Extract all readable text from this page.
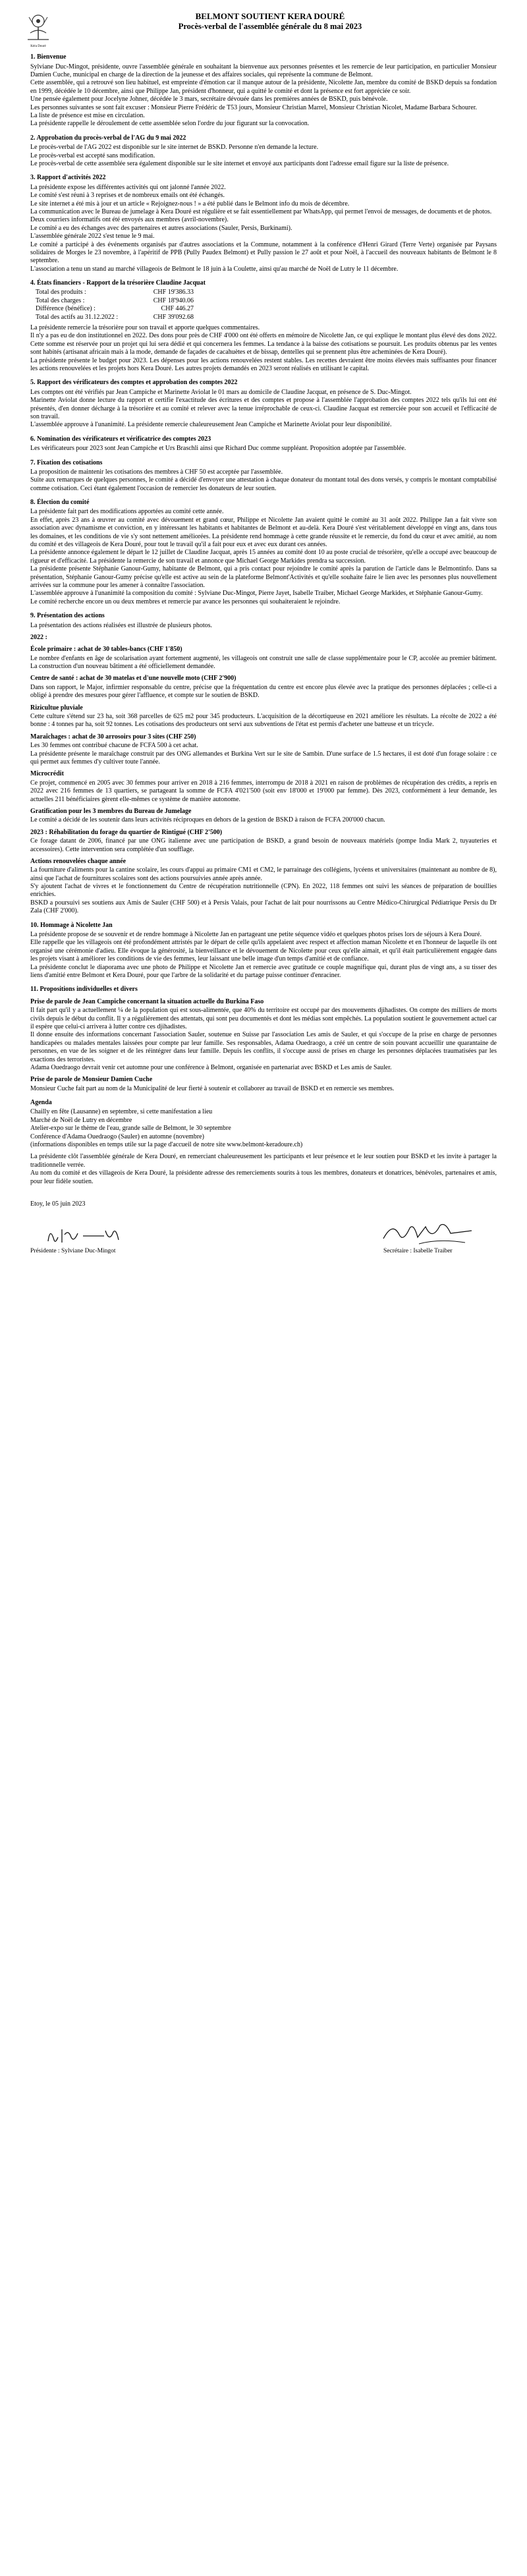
Kéra Douré
BELMONT SOUTIENT KERA DOURÉ
Procès-verbal de l'assemblée générale du 8 mai 2023
1. Bienvenue

Sylviane Duc-Mingot, présidente, ouvre l'assemblée générale en souhaitant la bienvenue aux personnes présentes et les remercie de leur participation, en particulier Monsieur Damien Cuche, municipal en charge de la direction de la jeunesse et des affaires sociales, qui représente la commune de Belmont.

Cette assemblée, qui a retrouvé son lieu habituel, est empreinte d'émotion car il manque autour de la présidente, Nicolette Jan, membre du comité de BSKD depuis sa fondation en 1999, décédée le 10 décembre, ainsi que Philippe Jan, président d'honneur, qui a quitté le comité et dont la présence est fort appréciée ce soir.

Une pensée également pour Jocelyne Johner, décédée le 3 mars, secrétaire dévouée dans les premières années de BSKD, puis bénévole.

Les personnes suivantes se sont fait excuser : Monsieur Pierre Frédéric de T53 jours, Monsieur Christian Marrel, Monsieur Christian Nicolet, Madame Barbara Schourer.

La liste de présence est mise en circulation.

La présidente rappelle le déroulement de cette assemblée selon l'ordre du jour figurant sur la convocation.

2. Approbation du procès-verbal de l'AG du 9 mai 2022

Le procès-verbal de l'AG 2022 est disponible sur le site internet de BSKD. Personne n'en demande la lecture.

Le procès-verbal est accepté sans modification.

Le procès-verbal de cette assemblée sera également disponible sur le site internet et envoyé aux participants dont l'adresse email figure sur la liste de présence.

3. Rapport d'activités 2022

La présidente expose les différentes activités qui ont jalonné l'année 2022.

Le comité s'est réuni à 3 reprises et de nombreux emails ont été échangés.

Le site internet a été mis à jour et un article « Rejoignez-nous ! » a été publié dans le Belmont info du mois de décembre.

La communication avec le Bureau de jumelage à Kera Douré est régulière et se fait essentiellement par WhatsApp, qui permet l'envoi de messages, de documents et de photos.

Deux courriers informatifs ont été envoyés aux membres (avril-novembre).

Le comité a eu des échanges avec des partenaires et autres associations (Sauler, Persis, Burkinami).

L'assemblée générale 2022 s'est tenue le 9 mai.

Le comité a participé à des événements organisés par d'autres associations et la Commune, notamment à la conférence d'Henri Girard (Terre Verte) organisée par Paysans solidaires de Morges le 23 novembre, à l'apéritif de PPB (Pully Paudex Belmont) et Pully passion le 27 août et pour Noël, à l'accueil des nouveaux habitants de Belmont le 8 septembre.

L'association a tenu un stand au marché villageois de Belmont le 18 juin à la Coulette, ainsi qu'au marché de Noël de Lutry le 11 décembre.

4. États financiers - Rapport de la trésorière Claudine Jacquat
Total des produits :	CHF 19'386.33
Total des charges :	CHF 18'940.06
Différence (bénéfice) :	CHF 446.27
Total des actifs au 31.12.2022 :	CHF 39'092.68

La présidente remercie la trésorière pour son travail et apporte quelques commentaires.

Il n'y a pas eu de don institutionnel en 2022. Des dons pour près de CHF 4'000 ont été offerts en mémoire de Nicolette Jan, ce qui explique le montant plus élevé des dons 2022. Cette somme est réservée pour un projet qui lui sera dédié et qui concernera les femmes. La tendance à la baisse des cotisations se poursuit. Les produits obtenus par les ventes sont habités (artisanat africain mais à la mode, demande de façades de cacahuètes et de bissap, dentelles qui se prennent plus être acheminées de Kera Douré).

La présidente présente le budget pour 2023. Les dépenses pour les actions renouvelées restent stables. Les recettes devraient être moins élevées mais suffisantes pour financer les actions renouvelées et les projets hors Kera Douré. Les autres projets demandés en 2023 seront réalisés en utilisant le capital.

5. Rapport des vérificateurs des comptes et approbation des comptes 2022

Les comptes ont été vérifiés par Jean Campiche et Marinette Aviolat le 01 mars au domicile de Claudine Jacquat, en présence de S. Duc-Mingot.

Marinette Aviolat donne lecture du rapport et certifie l'exactitude des écritures et des comptes et propose à l'assemblée l'approbation des comptes 2022 tels qu'ils lui ont été présentés, d'en donner décharge à la trésorière et au comité et relever avec la tenue irréprochable de ceux-ci. Claudine Jacquat est remerciée pour son accueil et l'efficacité de son travail.

L'assemblée approuve à l'unanimité. La présidente remercie chaleureusement Jean Campiche et Marinette Aviolat pour leur disponibilité.

6. Nomination des vérificateurs et vérificatrice des comptes 2023

Les vérificateurs pour 2023 sont Jean Campiche et Urs Braschli ainsi que Richard Duc comme suppléant. Proposition adoptée par l'assemblée.

7. Fixation des cotisations

La proposition de maintenir les cotisations des membres à CHF 50 est acceptée par l'assemblée.

Suite aux remarques de quelques personnes, le comité a décidé d'envoyer une attestation à chaque donateur du montant total des dons versés, y compris le montant comptabilisé comme cotisation. Ceci étant également l'occasion de remercier les donateurs de leur soutien.

8. Élection du comité

La présidente fait part des modifications apportées au comité cette année.

En effet, après 23 ans à œuvrer au comité avec dévouement et grand cœur, Philippe et Nicolette Jan avaient quitté le comité au 31 août 2022. Philippe Jan a fait vivre son association avec dynamisme et conviction, en y intéressant les habitants et habitantes de Belmont et au-delà. Kera Douré s'est véritablement développé en vingt ans, dans tous les domaines, et les conditions de vie s'y sont nettement améliorées. La présidente rend hommage à cette grande réussite et le remercie, du fond du cœur et avec amitié, au nom du comité et des villageois de Kera Douré, pour tout le travail qu'il a fait pour eux et avec eux durant ces années.

La présidente annonce également le départ le 12 juillet de Claudine Jacquat, après 15 années au comité dont 10 au poste crucial de trésorière, qu'elle a occupé avec beaucoup de rigueur et d'efficacité. La présidente la remercie de son travail et annonce que Michael George Markides prendra sa succession.

La présidente présente Stéphanie Ganour-Gumy, habitante de Belmont, qui a pris contact pour rejoindre le comité après la parution de l'article dans le Belmontinfo. Dans sa présentation, Stéphanie Ganour-Gumy précise qu'elle est active au sein de la plateforme Belmont'Activités et qu'elle souhaite faire le lien avec les personnes plus nouvellement arrivées sur la commune pour les amener à connaître l'association.

L'assemblée approuve à l'unanimité la composition du comité : Sylviane Duc-Mingot, Pierre Jayet, Isabelle Traiber, Michael George Markides, et Stéphanie Ganour-Gumy.

Le comité recherche encore un ou deux membres et remercie par avance les personnes qui souhaiteraient le rejoindre.

9. Présentation des actions

La présentation des actions réalisées est illustrée de plusieurs photos.

2022 :
École primaire : achat de 30 tables-bancs (CHF 1'850)

Le nombre d'enfants en âge de scolarisation ayant fortement augmenté, les villageois ont construit une salle de classe supplémentaire pour le CP, accolée au premier bâtiment. La construction d'un nouveau bâtiment a été officiellement demandée.

Centre de santé : achat de 30 matelas et d'une nouvelle moto (CHF 2'900)

Dans son rapport, le Major, infirmier responsable du centre, précise que la fréquentation du centre est encore plus élevée avec la pratique des personnes déplacées ; celle-ci a obligé à prendre des mesures pour gérer l'affluence, et compte sur le soutien de BSKD.

Rizicultue pluviale

Cette culture s'étend sur 23 ha, soit 368 parcelles de 625 m2 pour 345 producteurs. L'acquisition de la décortiqueuse en 2021 améliore les résultats. La récolte de 2022 a été bonne : 4 tonnes par ha, soit 92 tonnes. Les cotisations des producteurs ont servi aux subventions de l'état est permis d'acheter une batteuse et un tricycle.

Maraîchages : achat de 30 arrosoirs pour 3 sites (CHF 250)

Les 30 femmes ont contribué chacune de FCFA 500 à cet achat.

La présidente présente le maraîchage construit par des ONG allemandes et Burkina Vert sur le site de Sambin. D'une surface de 1.5 hectares, il est doté d'un forage solaire : ce qui permet aux femmes d'y cultiver toute l'année.

Microcrédit

Ce projet, commencé en 2005 avec 30 femmes pour arriver en 2018 à 216 femmes, interrompu de 2018 à 2021 en raison de problèmes de récupération des crédits, a repris en 2022 avec 216 femmes de 13 quartiers, se partageant la somme de FCFA 4'021'500 (soit env 18'000 et 19'000 par femme). Dès 2023, conformément à leur demande, les actuelles 211 bénéficiaires gèrent elle-mêmes ce système de manière autonome.

Gratification pour les 3 membres du Bureau de Jumelage

Le comité a décidé de les soutenir dans leurs activités réciproques en dehors de la gestion de BSKD à raison de FCFA 200'000 chacun.

2023 : Réhabilitation du forage du quartier de Rintigué (CHF 2'500)

Ce forage datant de 2006, financé par une ONG italienne avec une participation de BSKD, a grand besoin de nouveaux matériels (pompe India Mark 2, tuyauteries et accessoires). Cette intervention sera complétée d'un soufflage.

Actions renouvelées chaque année

La fourniture d'aliments pour la cantine scolaire, les cours d'appui au primaire CM1 et CM2, le parrainage des collégiens, lycéens et universitaires (maintenant au nombre de 8), ainsi que l'achat de fournitures scolaires sont des actions poursuivies année après année.

S'y ajoutent l'achat de vivres et le fonctionnement du Centre de récupération nutritionnelle (CPN). En 2022, 118 femmes ont suivi les séances de préparation de bouillies enrichies.

BSKD a poursuivi ses soutiens aux Amis de Sauler (CHF 500) et à Persis Valais, pour l'achat de lait pour nourrissons au Centre Médico-Chirurgical Pédiatrique Persis du Dr Zala (CHF 2'000).

10. Hommage à Nicolette Jan

La présidente propose de se souvenir et de rendre hommage à Nicolette Jan en partageant une petite séquence vidéo et quelques photos prises lors de séjours à Kera Douré.

Elle rappelle que les villageois ont été profondément attristés par le départ de celle qu'ils appelaient avec respect et affection maman Nicolette et en l'honneur de laquelle ils ont organisé une cérémonie d'adieu. Elle évoque la générosité, la bienveillance et le dévouement de Nicolette pour ceux qu'elle aimait, et qu'il était particulièrement engagée dans les projets visant à améliorer les conditions de vie des femmes, leur laissant une belle image d'un temps d'amitié et de confiance.

La présidente conclut le diaporama avec une photo de Philippe et Nicolette Jan et remercie avec gratitude ce couple magnifique qui, durant plus de vingt ans, a su tisser des liens d'amitié entre Belmont et Kera Douré, pour que l'arbre de la solidarité et du partage puisse continuer d'enraciner.

11. Propositions individuelles et divers
Prise de parole de Jean Campiche concernant la situation actuelle du Burkina Faso

Il fait part qu'il y a actuellement ¼ de la population qui est sous-alimentée, que 40% du territoire est occupé par des mouvements djihadistes. On compte des milliers de morts civils depuis le début du conflit. Il y a régulièrement des attentats, qui sont peu documentés et dont les médias sont empêchés. La population soutient le gouvernement actuel car il espère que celui-ci arrivera à lutter contre ces djihadistes.

Il donne ensuite des informations concernant l'association Sauler, soutenue en Suisse par l'association Les amis de Sauler, et qui s'occupe de la prise en charge de personnes handicapées ou malades mentales laissées pour compte par leur famille. Ses responsables, Adama Ouedraogo, a créé un centre de soin pouvant accueillir une quarantaine de personnes, en vue de les soigner et de les réintégrer dans leur famille. Depuis les conflits, il s'occupe aussi de prises en charge les personnes déplacées traumatisées par les exactions des terroristes.

Adama Ouedraogo devrait venir cet automne pour une conférence à Belmont, organisée en partenariat avec BSKD et Les amis de Sauler.

Prise de parole de Monsieur Damien Cuche

Monsieur Cuche fait part au nom de la Municipalité de leur fierté à soutenir et collaborer au travail de BSKD et en remercie ses membres.

Agenda
Chailly en fête (Lausanne) en septembre, si cette manifestation a lieu
Marché de Noël de Lutry en décembre
Atelier-expo sur le thème de l'eau, grande salle de Belmont, le 30 septembre
Conférence d'Adama Ouedraogo (Sauler) en automne (novembre)
(informations disponibles en temps utile sur la page d'accueil de notre site www.belmont-keradoure.ch)

La présidente clôt l'assemblée générale de Kera Douré, en remerciant chaleureusement les participants et leur présence et le leur soutien pour BSKD et les invite à partager la traditionnelle verrée.

Au nom du comité et des villageois de Kera Douré, la présidente adresse des remerciements sourits à tous les membres, donateurs et donatrices, bénévoles, partenaires et amis, pour leur fidèle soutien.

Etoy, le 05 juin 2023
Présidente : Sylviane Duc-Mingot	Secrétaire : Isabelle Traiber
